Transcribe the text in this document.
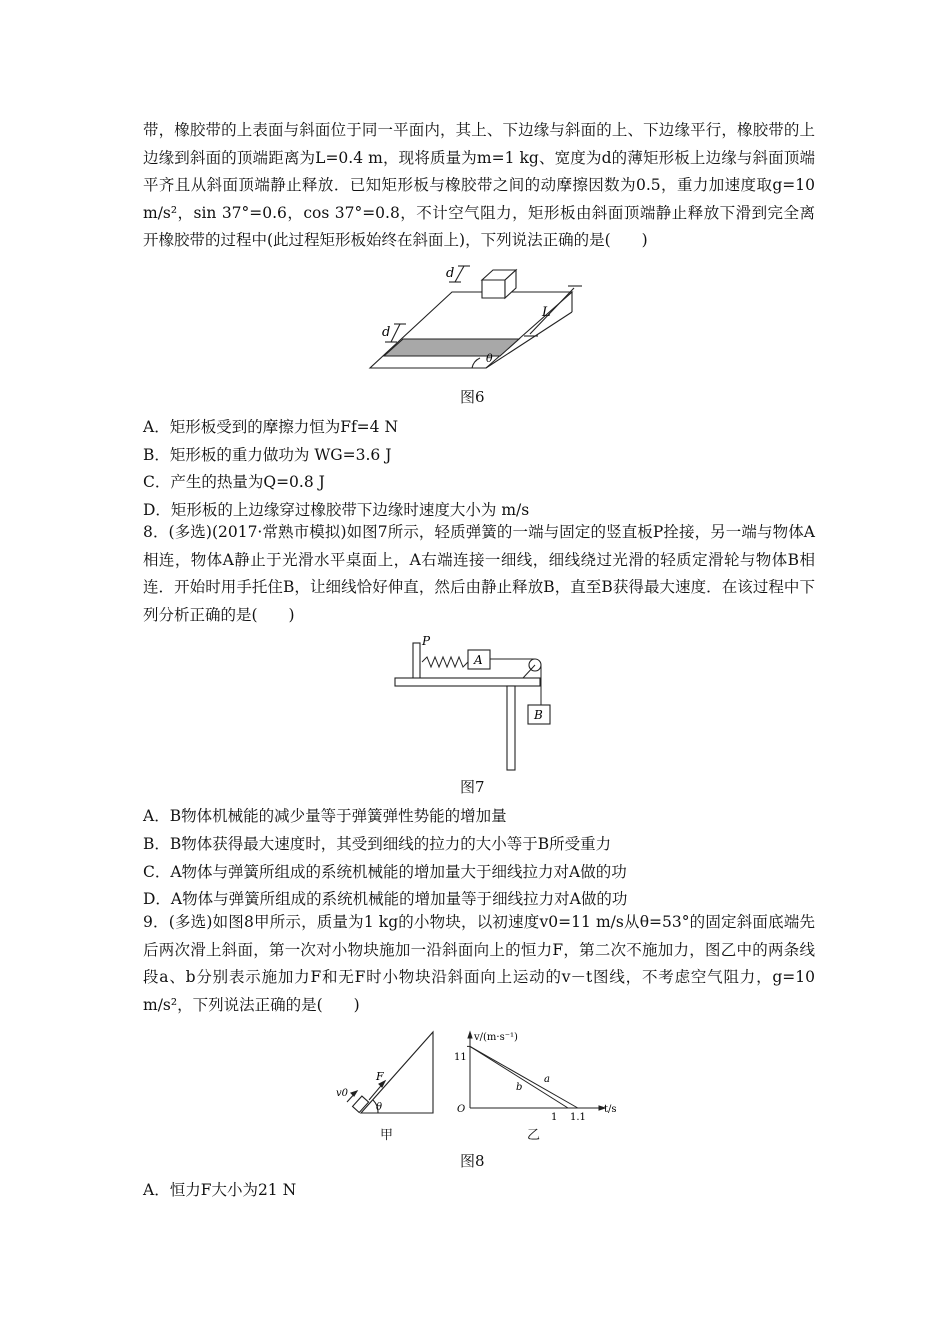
带，橡胶带的上表面与斜面位于同一平面内，其上、下边缘与斜面的上、下边缘平行，橡胶带的上边缘到斜面的顶端距离为L=0.4 m，现将质量为m=1 kg、宽度为d的薄矩形板上边缘与斜面顶端平齐且从斜面顶端静止释放．已知矩形板与橡胶带之间的动摩擦因数为0.5，重力加速度取g=10 m/s²，sin 37°=0.6，cos 37°=0.8，不计空气阻力，矩形板由斜面顶端静止释放下滑到完全离开橡胶带的过程中(此过程矩形板始终在斜面上)，下列说法正确的是(　　)

d
d
L
θ
图6
A．矩形板受到的摩擦力恒为Ff=4 N
B．矩形板的重力做功为 WG=3.6 J
C．产生的热量为Q=0.8 J
D．矩形板的上边缘穿过橡胶带下边缘时速度大小为 m/s

8．(多选)(2017·常熟市模拟)如图7所示，轻质弹簧的一端与固定的竖直板P拴接，另一端与物体A相连，物体A静止于光滑水平桌面上，A右端连接一细线，细线绕过光滑的轻质定滑轮与物体B相连．开始时用手托住B，让细线恰好伸直，然后由静止释放B，直至B获得最大速度．在该过程中下列分析正确的是(　　)

P
A
B
图7
A．B物体机械能的减少量等于弹簧弹性势能的增加量
B．B物体获得最大速度时，其受到细线的拉力的大小等于B所受重力
C．A物体与弹簧所组成的系统机械能的增加量大于细线拉力对A做的功
D．A物体与弹簧所组成的系统机械能的增加量等于细线拉力对A做的功

9．(多选)如图8甲所示，质量为1 kg的小物块，以初速度v0=11 m/s从θ=53°的固定斜面底端先后两次滑上斜面，第一次对小物块施加一沿斜面向上的恒力F，第二次不施加力，图乙中的两条线段a、b分别表示施加力F和无F时小物块沿斜面向上运动的v－t图线，不考虑空气阻力，g=10 m/s²，下列说法正确的是(　　)

v0
F
θ
甲
v/(m·s⁻¹)
t/s
O
11
1 1.1
a
b
乙
图8
A．恒力F大小为21 N
